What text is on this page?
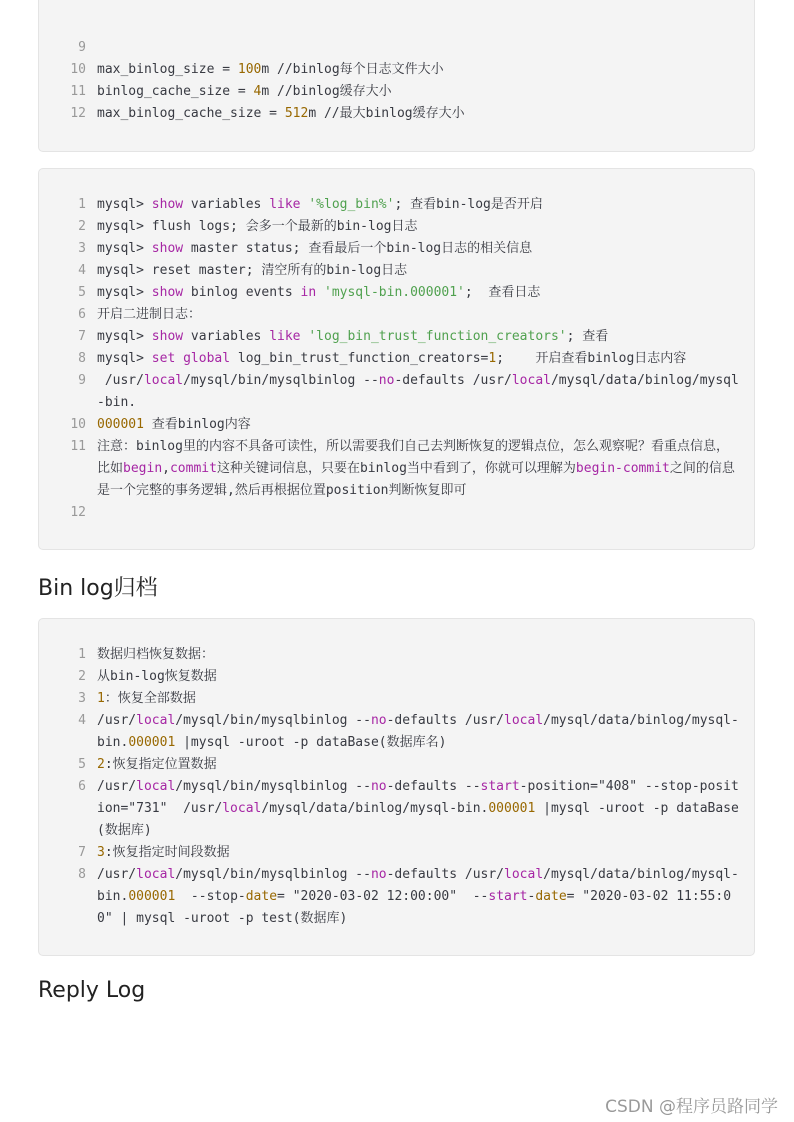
9

10 max_binlog_size = 100m //binlog每个日志文件大小
11 binlog_cache_size = 4m //binlog缓存大小
12 max_binlog_cache_size = 512m //最大binlog缓存大小
1 mysql> show variables like '%log_bin%'; 查看bin-log是否开启
2 mysql> flush logs; 会多一个最新的bin-log日志
3 mysql> show master status; 查看最后一个bin-log日志的相关信息
4 mysql> reset master; 清空所有的bin-log日志
5 mysql> show binlog events in 'mysql-bin.000001';  查看日志
6 开启二进制日志：
7 mysql> show variables like 'log_bin_trust_function_creators'; 查看
8 mysql> set global log_bin_trust_function_creators=1;    开启查看binlog日志内容
9 /usr/local/mysql/bin/mysqlbinlog --no-defaults /usr/local/mysql/data/binlog/mysql-bin.
10 000001 查看binlog内容
11 注意：binlog里的内容不具备可读性，所以需要我们自己去判断恢复的逻辑点位，怎么观察呢？看重点信息，比如begin,commit这种关键词信息，只要在binlog当中看到了，你就可以理解为begin-commit之间的信息是一个完整的事务逻辑,然后再根据位置position判断恢复即可
12

Bin log归档
1 数据归档恢复数据：
2 从bin-log恢复数据
3 1：恢复全部数据
4 /usr/local/mysql/bin/mysqlbinlog --no-defaults /usr/local/mysql/data/binlog/mysql-bin.000001 |mysql -uroot -p dataBase(数据库名)
5 2:恢复指定位置数据
6 /usr/local/mysql/bin/mysqlbinlog --no-defaults --start-position="408" --stop-position="731"  /usr/local/mysql/data/binlog/mysql-bin.000001 |mysql -uroot -p dataBase(数据库)
7 3:恢复指定时间段数据
8 /usr/local/mysql/bin/mysqlbinlog --no-defaults /usr/local/mysql/data/binlog/mysql-bin.000001  --stop-date= "2020-03-02 12:00:00"  --start-date= "2020-03-02 11:55:00" | mysql -uroot -p test(数据库)
Reply Log
CSDN @程序员路同学
